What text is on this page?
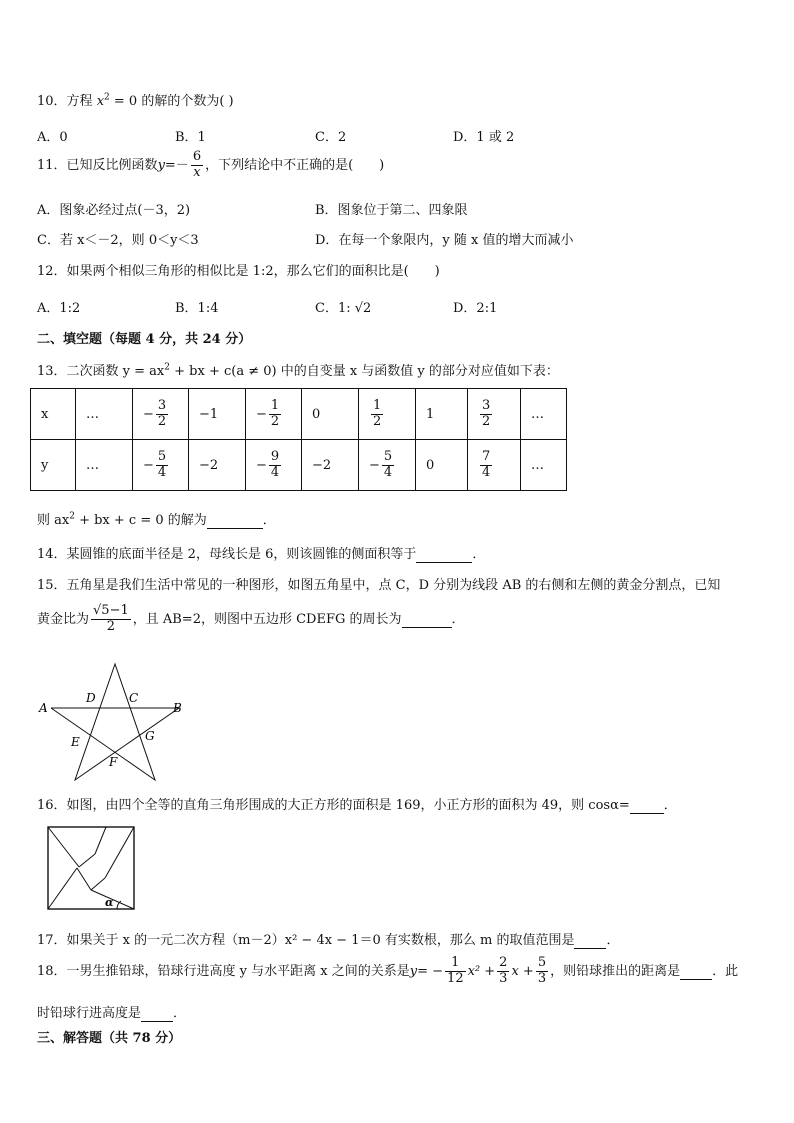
10．方程 $x^2 = 0$ 的解的个数为( )
A．0	B．1	C．2	D．1 或 2
11．已知反比例函数$y=- \frac{6}{x}$ ，下列结论中不正确的是(　　)
A．图象必经过点(－3，2)	B．图象位于第二、四象限
C．若 x＜－2，则 0＜y＜3	D．在每一个象限内，y 随 x 值的增大而减小
12．如果两个相似三角形的相似比是 1:2，那么它们的面积比是(　　)
A．1:2	B．1:4	C．1: √2	D．2:1
二、填空题（每题 4 分，共 24 分）
13．二次函数 $y = ax^2$ + bx + c(a ≠ 0) 中的自变量 x 与函数值 y 的部分对应值如下表：
x	…	− $\frac{3}{2}$	−1	− $\frac{1}{2}$	0	$\frac{1}{2}$	1	$\frac{3}{2}$	…
y	…	− $\frac{5}{4}$	−2	− $\frac{9}{4}$	−2	− $\frac{5}{4}$	0	$\frac{7}{4}$	…
则 $ax^2$ + bx + c = 0 的解为	．
14．某圆锥的底面半径是 2，母线长是 6，则该圆锥的侧面积等于	．
15．五角星是我们生活中常见的一种图形，如图五角星中，点 C，D 分别为线段 AB 的右侧和左侧的黄金分割点，已知
黄金比为 $\frac{√5-1}{2}$ ，且 AB=2，则图中五边形 CDEFG 的周长为	．
A	B
C
D
E
F
G
16．如图，由四个全等的直角三角形围成的大正方形的面积是 169，小正方形的面积为 49，则 cosα=	．
α
17．如果关于 x 的一元二次方程（m－2）x² − 4x − 1＝0 有实数根，那么 m 的取值范围是 ．
18．一男生推铅球，铅球行进高度 y 与水平距离 x 之间的关系是$y= - \frac{1}{12} x^2 + \frac{2}{3}$ $x + \frac{5}{3}$ ，则铅球推出的距离是 ．此
时铅球行进高度是 ．
三、解答题（共 78 分）
